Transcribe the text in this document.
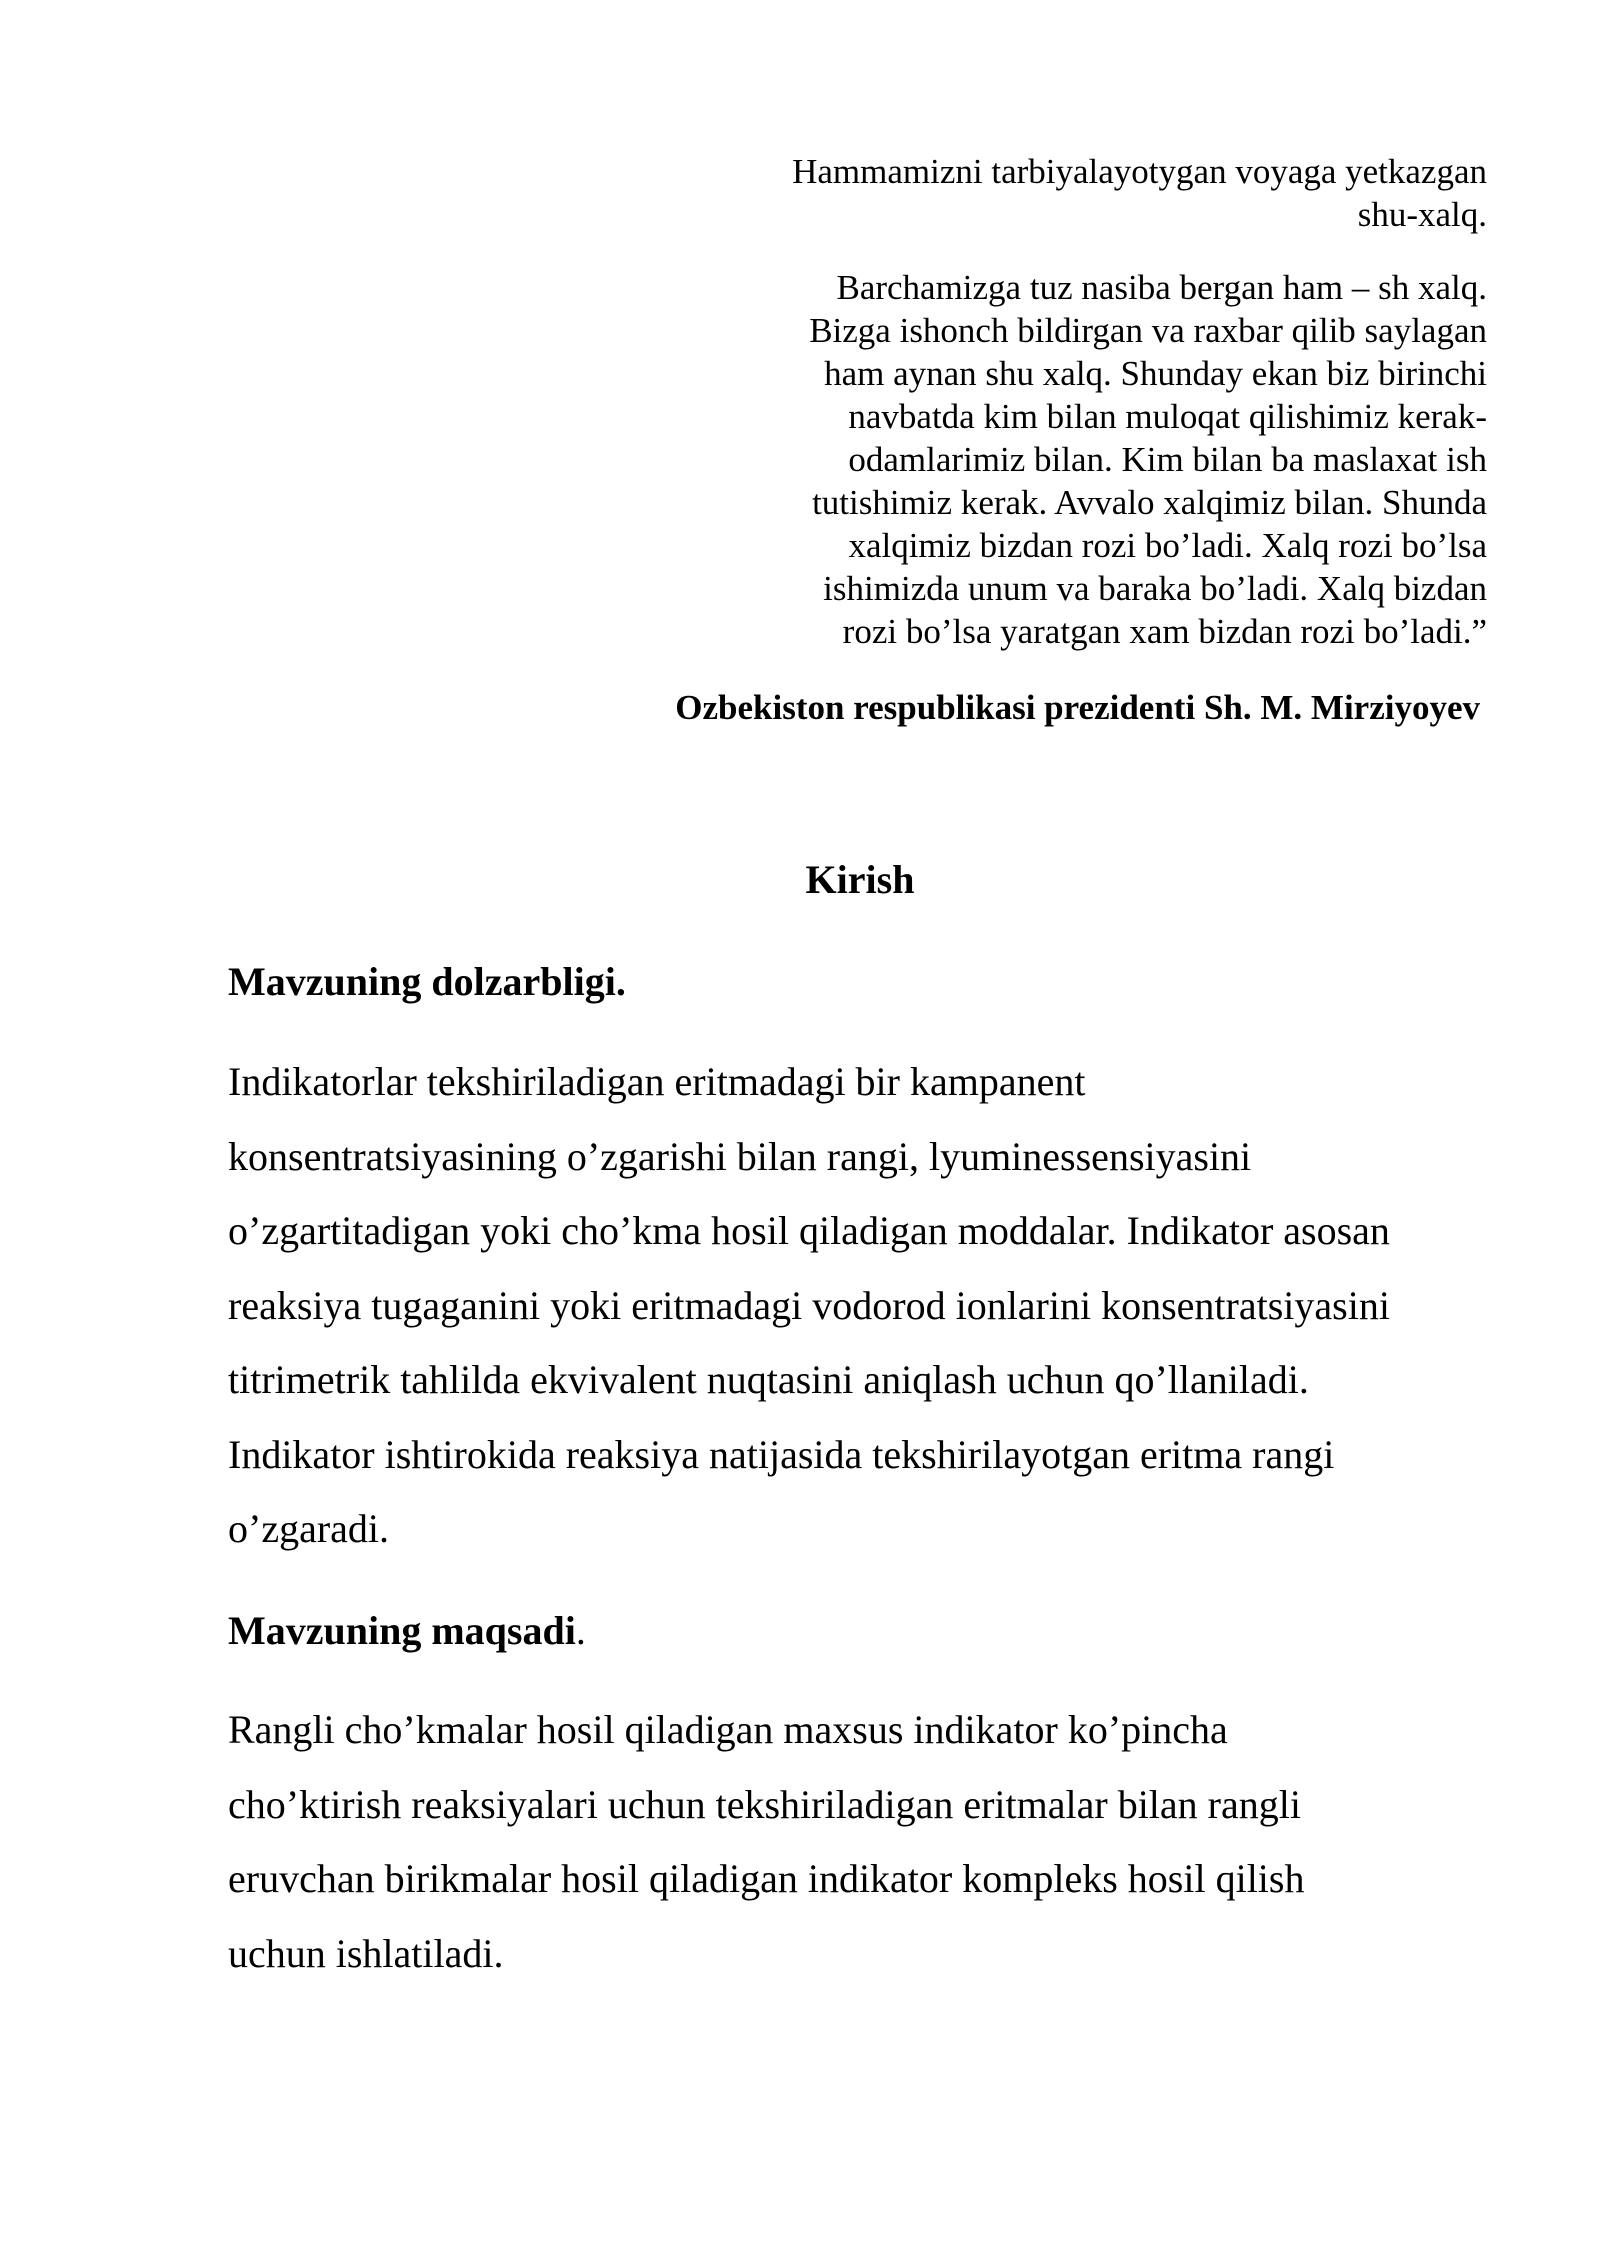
Hammamizni tarbiyalayotygan voyaga yetkazgan
shu-xalq.
Barchamizga tuz nasiba bergan ham – sh xalq.
Bizga ishonch bildirgan va raxbar qilib saylagan
ham aynan shu xalq. Shunday ekan biz birinchi
navbatda kim bilan muloqat qilishimiz kerak-
odamlarimiz bilan. Kim bilan ba maslaxat ish
tutishimiz kerak. Avvalo xalqimiz bilan. Shunda
xalqimiz bizdan rozi bo’ladi. Xalq rozi bo’lsa
ishimizda unum va baraka bo’ladi. Xalq bizdan
rozi bo’lsa yaratgan xam bizdan rozi bo’ladi.”
Ozbekiston respublikasi prezidenti Sh. M. Mirziyoyev
Kirish
Mavzuning dolzarbligi.
Indikatorlar tekshiriladigan eritmadagi bir kampanent
konsentratsiyasining o’zgarishi bilan rangi, lyuminessensiyasini
o’zgartitadigan yoki cho’kma hosil qiladigan moddalar. Indikator asosan
reaksiya tugaganini yoki eritmadagi vodorod ionlarini konsentratsiyasini
titrimetrik tahlilda ekvivalent nuqtasini aniqlash uchun qo’llaniladi.
Indikator ishtirokida reaksiya natijasida tekshirilayotgan eritma rangi
o’zgaradi.
Mavzuning maqsadi.
Rangli cho’kmalar hosil qiladigan maxsus indikator ko’pincha
cho’ktirish reaksiyalari uchun tekshiriladigan eritmalar bilan rangli
eruvchan birikmalar hosil qiladigan indikator kompleks hosil qilish
uchun ishlatiladi.
